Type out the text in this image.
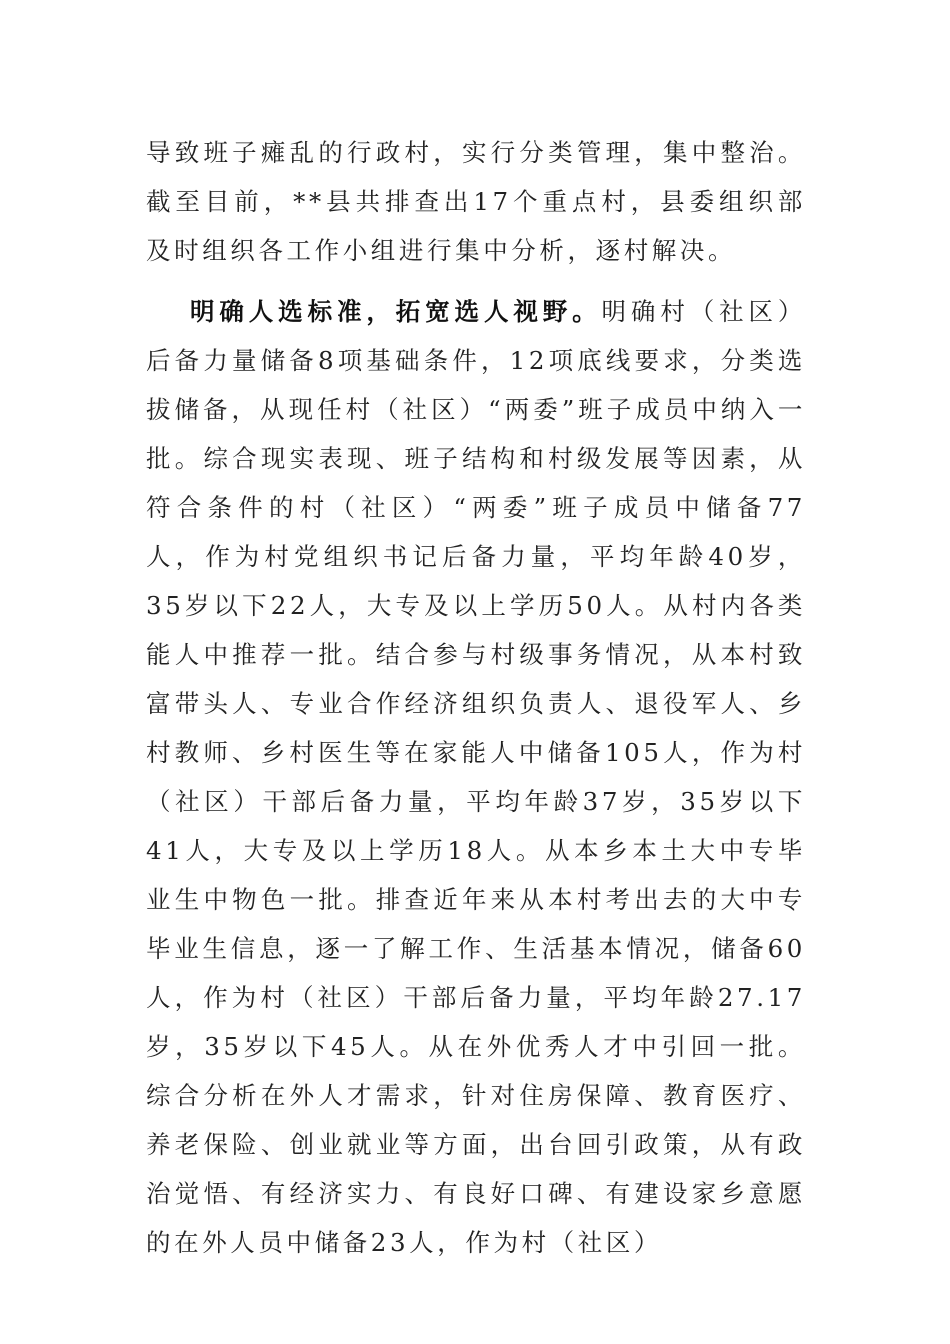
导致班子瘫乱的行政村，实行分类管理，集中整治。截至目前，**县共排查出17个重点村，县委组织部及时组织各工作小组进行集中分析，逐村解决。

明确人选标准，拓宽选人视野。明确村（社区）后备力量储备8项基础条件，12项底线要求，分类选拔储备，从现任村（社区）“两委”班子成员中纳入一批。综合现实表现、班子结构和村级发展等因素，从符合条件的村（社区）“两委”班子成员中储备77人，作为村党组织书记后备力量，平均年龄40岁，35岁以下22人，大专及以上学历50人。从村内各类能人中推荐一批。结合参与村级事务情况，从本村致富带头人、专业合作经济组织负责人、退役军人、乡村教师、乡村医生等在家能人中储备105人，作为村（社区）干部后备力量，平均年龄37岁，35岁以下41人，大专及以上学历18人。从本乡本土大中专毕业生中物色一批。排查近年来从本村考出去的大中专毕业生信息，逐一了解工作、生活基本情况，储备60人，作为村（社区）干部后备力量，平均年龄27.17岁，35岁以下45人。从在外优秀人才中引回一批。综合分析在外人才需求，针对住房保障、教育医疗、养老保险、创业就业等方面，出台回引政策，从有政治觉悟、有经济实力、有良好口碑、有建设家乡意愿的在外人员中储备23人，作为村（社区）
